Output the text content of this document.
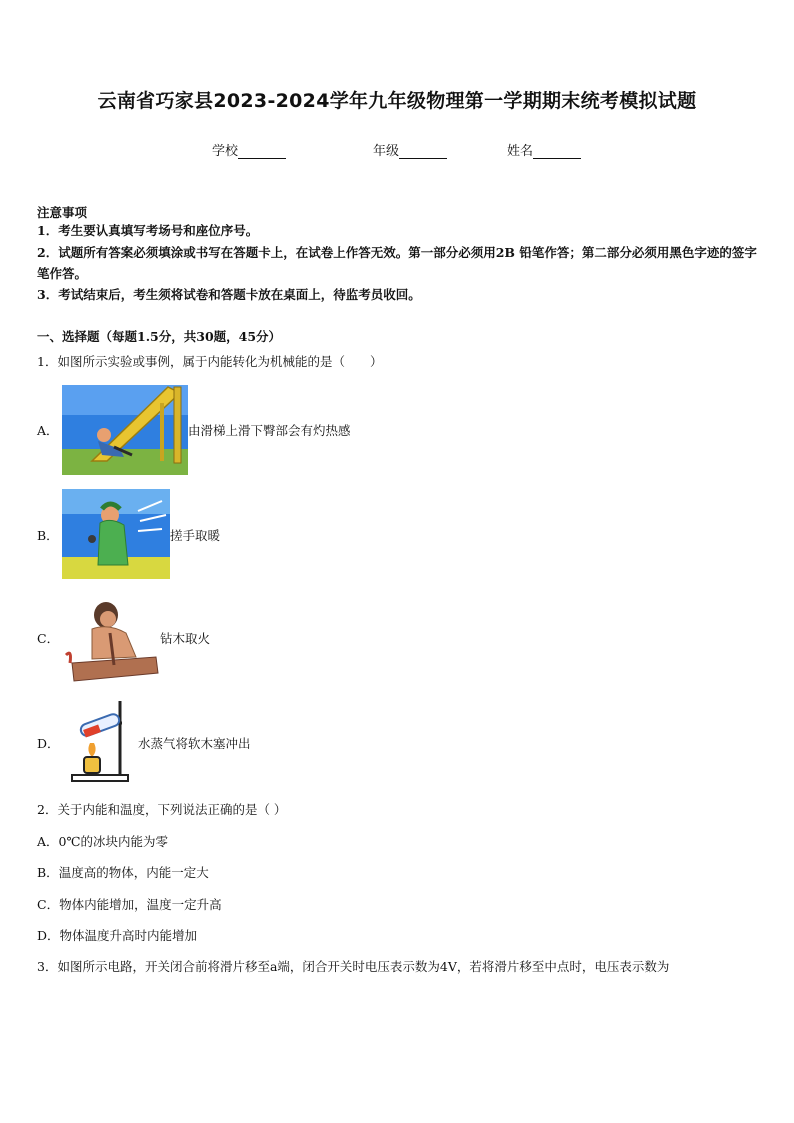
云南省巧家县2023-2024学年九年级物理第一学期期末统考模拟试题
学校	年级	姓名
注意事项
1．考生要认真填写考场号和座位序号。
2．试题所有答案必须填涂或书写在答题卡上，在试卷上作答无效。第一部分必须用2B 铅笔作答；第二部分必须用黑色字迹的签字笔作答。
3．考试结束后，考生须将试卷和答题卡放在桌面上，待监考员收回。
一、选择题（每题1.5分，共30题，45分）
1．如图所示实验或事例，属于内能转化为机械能的是（　　）
A．	由滑梯上滑下臀部会有灼热感
B．	搓手取暖
C．	钻木取火
D．	水蒸气将软木塞冲出
2．关于内能和温度，下列说法正确的是（ ）
A．0℃的冰块内能为零
B．温度高的物体，内能一定大
C．物体内能增加，温度一定升高
D．物体温度升高时内能增加
3．如图所示电路，开关闭合前将滑片移至a端，闭合开关时电压表示数为4V，若将滑片移至中点时，电压表示数为
